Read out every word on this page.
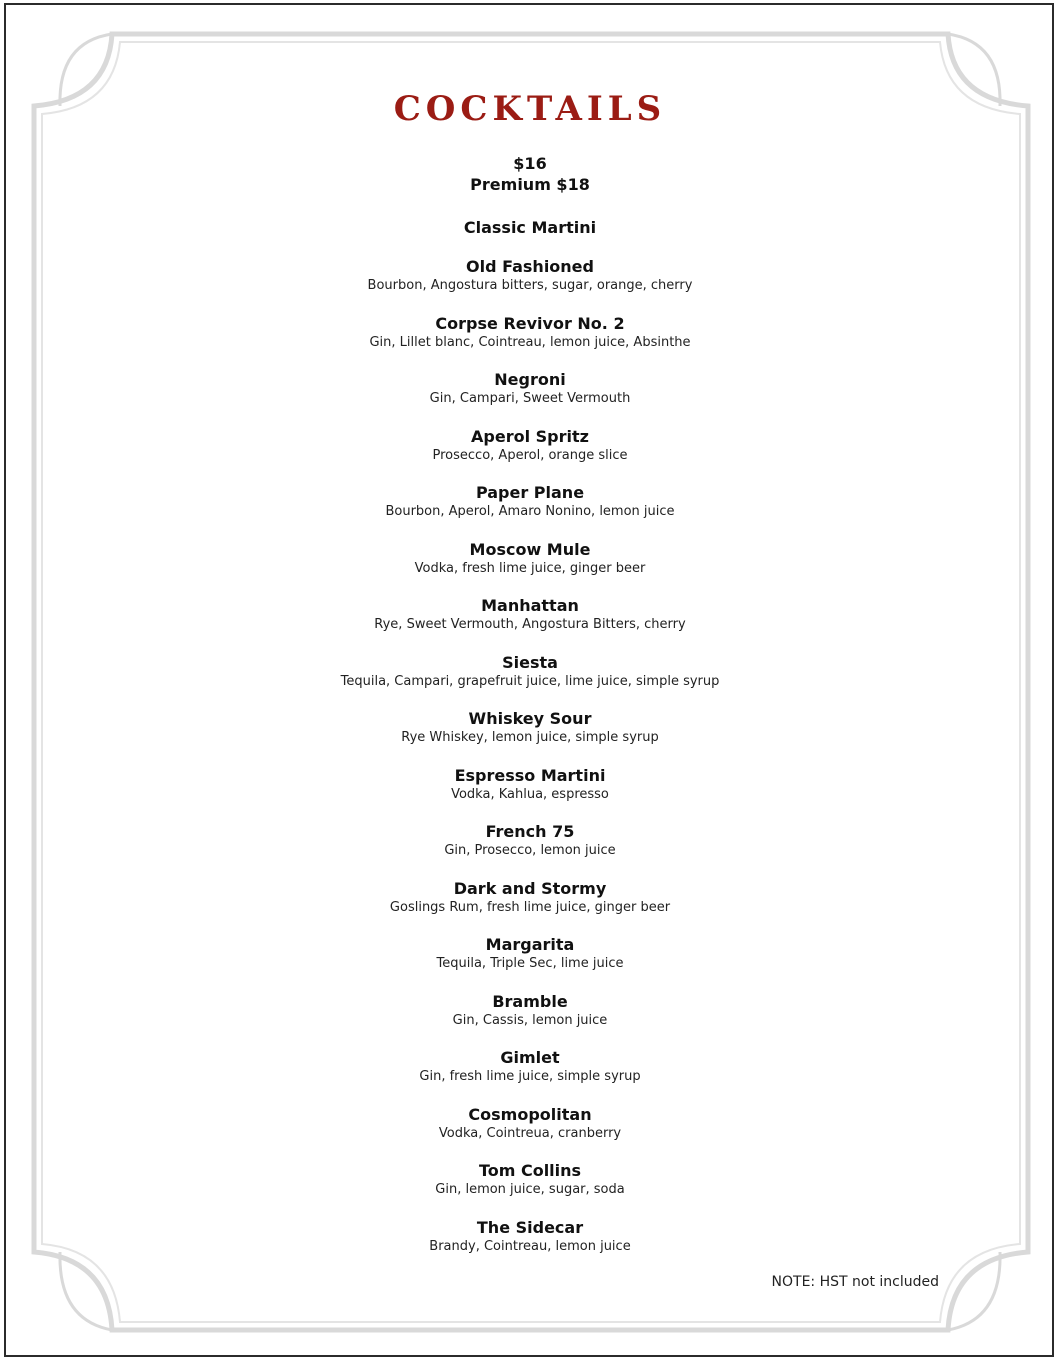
COCKTAILS
$16
Premium $18
Classic Martini
Old Fashioned
Bourbon, Angostura bitters, sugar, orange, cherry
Corpse Revivor No. 2
Gin, Lillet blanc, Cointreau, lemon juice, Absinthe
Negroni
Gin, Campari, Sweet Vermouth
Aperol Spritz
Prosecco, Aperol, orange slice
Paper Plane
Bourbon, Aperol, Amaro Nonino, lemon juice
Moscow Mule
Vodka, fresh lime juice, ginger beer
Manhattan
Rye, Sweet Vermouth, Angostura Bitters, cherry
Siesta
Tequila, Campari, grapefruit juice, lime juice, simple syrup
Whiskey Sour
Rye Whiskey, lemon juice, simple syrup
Espresso Martini
Vodka, Kahlua, espresso
French 75
Gin, Prosecco, lemon juice
Dark and Stormy
Goslings Rum, fresh lime juice, ginger beer
Margarita
Tequila, Triple Sec, lime juice
Bramble
Gin, Cassis, lemon juice
Gimlet
Gin, fresh lime juice, simple syrup
Cosmopolitan
Vodka, Cointreua, cranberry
Tom Collins
Gin, lemon juice, sugar, soda
The Sidecar
Brandy, Cointreau, lemon juice
NOTE: HST not included
